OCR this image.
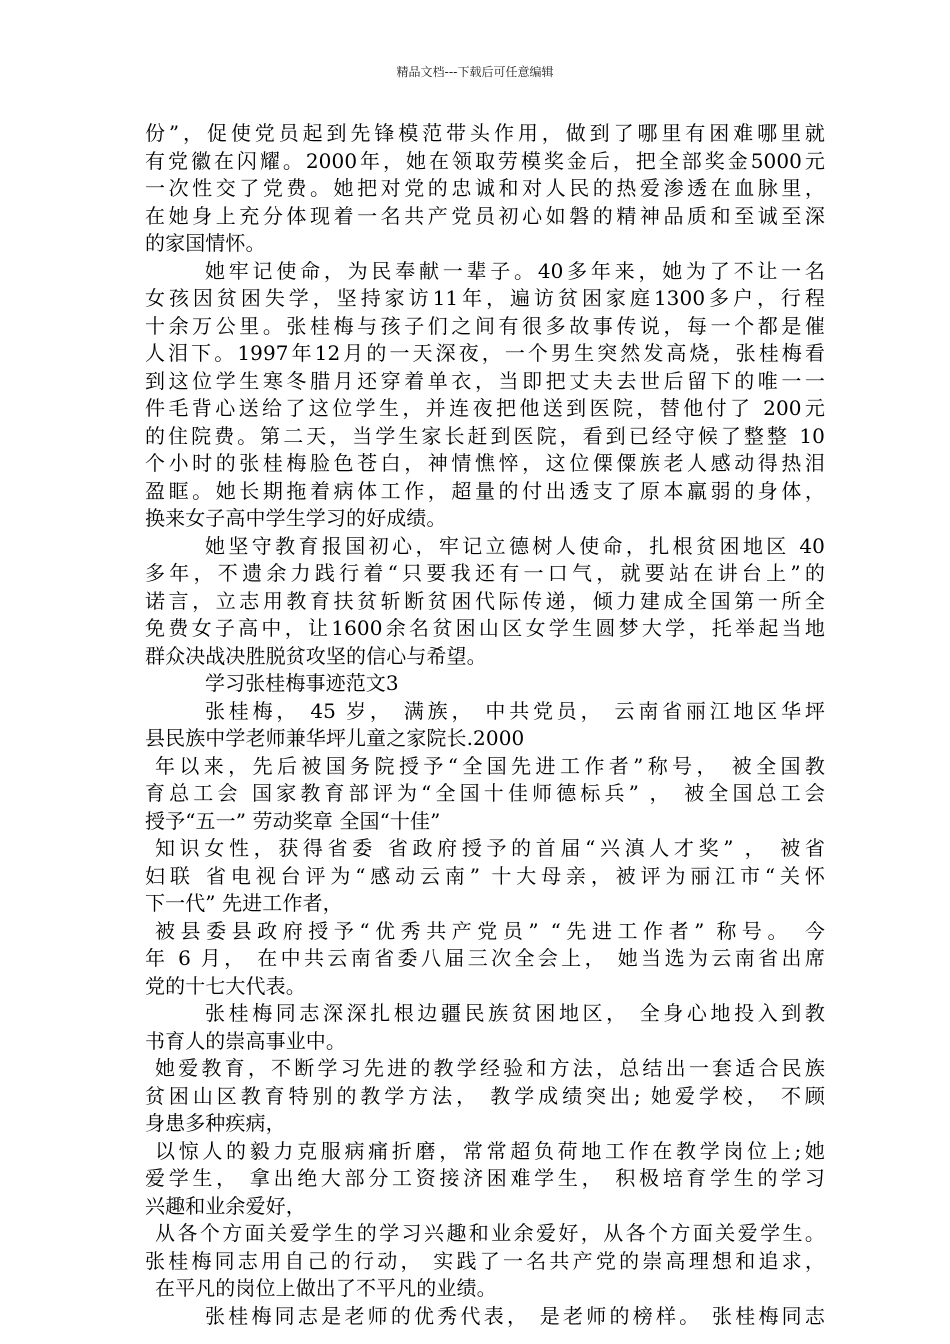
精品文档---下载后可任意编辑
份”，促使党员起到先锋模范带头作用，做到了哪里有困难哪里就
有党徽在闪耀。2000年，她在领取劳模奖金后，把全部奖金5000元
一次性交了党费。她把对党的忠诚和对人民的热爱渗透在血脉里，
在她身上充分体现着一名共产党员初心如磐的精神品质和至诚至深
的家国情怀。
她牢记使命，为民奉献一辈子。40多年来，她为了不让一名
女孩因贫困失学，坚持家访11年，遍访贫困家庭1300多户，行程
十余万公里。张桂梅与孩子们之间有很多故事传说，每一个都是催
人泪下。1997年12月的一天深夜，一个男生突然发高烧，张桂梅看
到这位学生寒冬腊月还穿着单衣，当即把丈夫去世后留下的唯一一
件毛背心送给了这位学生，并连夜把他送到医院，替他付了 200元
的住院费。第二天，当学生家长赶到医院，看到已经守候了整整 10
个小时的张桂梅脸色苍白，神情憔悴，这位傈僳族老人感动得热泪
盈眶。她长期拖着病体工作，超量的付出透支了原本羸弱的身体，
换来女子高中学生学习的好成绩。
她坚守教育报国初心，牢记立德树人使命，扎根贫困地区 40
多年，不遗余力践行着“只要我还有一口气，就要站在讲台上”的
诺言，立志用教育扶贫斩断贫困代际传递，倾力建成全国第一所全
免费女子高中，让1600余名贫困山区女学生圆梦大学，托举起当地
群众决战决胜脱贫攻坚的信心与希望。
学习张桂梅事迹范文3
张桂梅， 45 岁， 满族， 中共党员， 云南省丽江地区华坪
县民族中学老师兼华坪儿童之家院长.2000
年以来，先后被国务院授予“全国先进工作者”称号， 被全国教
育总工会 国家教育部评为“全国十佳师德标兵” ， 被全国总工会
授予“五一” 劳动奖章 全国“十佳”
知识女性，获得省委 省政府授予的首届“兴滇人才奖” ， 被省
妇联 省电视台评为“感动云南” 十大母亲，被评为丽江市“关怀
下一代” 先进工作者，
被县委县政府授予“优秀共产党员” “先进工作者” 称号。 今
年 6 月， 在中共云南省委八届三次全会上， 她当选为云南省出席
党的十七大代表。
张桂梅同志深深扎根边疆民族贫困地区， 全身心地投入到教
书育人的崇高事业中。
她爱教育，不断学习先进的教学经验和方法，总结出一套适合民族
贫困山区教育特别的教学方法， 教学成绩突出; 她爱学校， 不顾
身患多种疾病，
以惊人的毅力克服病痛折磨，常常超负荷地工作在教学岗位上;她
爱学生， 拿出绝大部分工资接济困难学生， 积极培育学生的学习
兴趣和业余爱好，
从各个方面关爱学生的学习兴趣和业余爱好，从各个方面关爱学生。
张桂梅同志用自己的行动， 实践了一名共产党的崇高理想和追求，
在平凡的岗位上做出了不平凡的业绩。
张桂梅同志是老师的优秀代表， 是老师的榜样。 张桂梅同志
